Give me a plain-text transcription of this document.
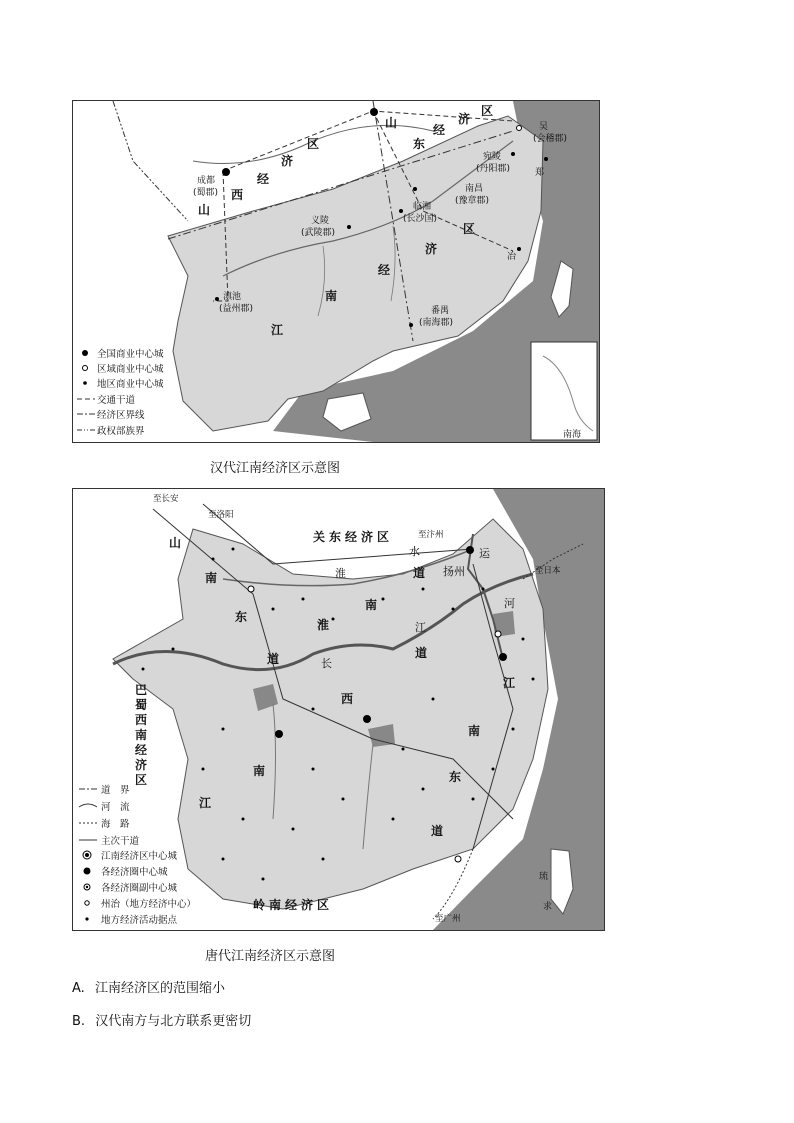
山
东
经
济
区
山
西
经
济
区
江
南
经
济
区
成都
(蜀郡)
吴
(会稽郡)
宛陵
(丹阳郡)	郑
南昌
(豫章郡)
临湘
(长沙国)
义陵
(武陵郡)
滇池
(益州郡)	番禺
(南海郡)
冶
全国商业中心城
区域商业中心城
地区商业中心城
交通干道
经济区界线
政权部族界	南海
汉代江南经济区示意图
关东经济区
岭南经济区
巴
蜀
西
南
经
济
区
山
南
东
道
淮
南
道
江
南
西
道
江
南
东
道
至长安
至洛阳
至汴州
至日本
至广州
扬州
淮
水
长
江
运
河
琉
求
道　界
河　流
海　路
主次干道
江南经济区中心城
各经济圈中心城
各经济圈副中心城
州治（地方经济中心）
地方经济活动据点
唐代江南经济区示意图
A. 江南经济区的范围缩小
B. 汉代南方与北方联系更密切
